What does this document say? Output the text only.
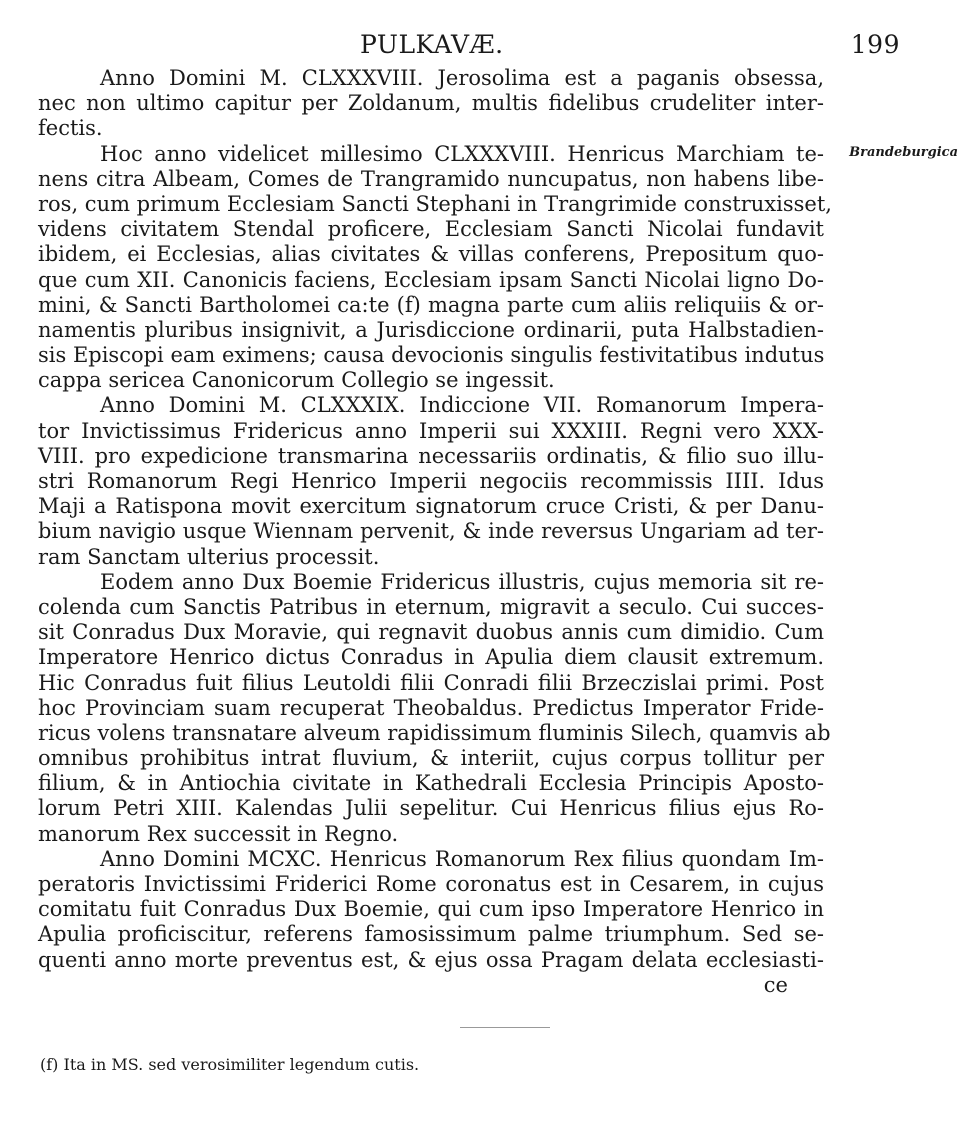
PULKAVÆ.	199
Brandeburgica
Anno Domini M. CLXXXVIII. Jerosolima est a paganis obsessa,
nec non ultimo capitur per Zoldanum, multis fidelibus crudeliter inter-
fectis.
Hoc anno videlicet millesimo CLXXXVIII. Henricus Marchiam te-
nens citra Albeam, Comes de Trangramido nuncupatus, non habens libe-
ros, cum primum Ecclesiam Sancti Stephani in Trangrimide construxisset,
videns civitatem Stendal proficere, Ecclesiam Sancti Nicolai fundavit
ibidem, ei Ecclesias, alias civitates & villas conferens, Prepositum quo-
que cum XII. Canonicis faciens, Ecclesiam ipsam Sancti Nicolai ligno Do-
mini, & Sancti Bartholomei ca:te (f) magna parte cum aliis reliquiis & or-
namentis pluribus insignivit, a Jurisdiccione ordinarii, puta Halbstadien-
sis Episcopi eam eximens; causa devocionis singulis festivitatibus indutus
cappa sericea Canonicorum Collegio se ingessit.
Anno Domini M. CLXXXIX. Indiccione VII. Romanorum Impera-
tor Invictissimus Fridericus anno Imperii sui XXXIII. Regni vero XXX-
VIII. pro expedicione transmarina necessariis ordinatis, & filio suo illu-
stri Romanorum Regi Henrico Imperii negociis recommissis IIII. Idus
Maji a Ratispona movit exercitum signatorum cruce Cristi, & per Danu-
bium navigio usque Wiennam pervenit, & inde reversus Ungariam ad ter-
ram Sanctam ulterius processit.
Eodem anno Dux Boemie Fridericus illustris, cujus memoria sit re-
colenda cum Sanctis Patribus in eternum, migravit a seculo. Cui succes-
sit Conradus Dux Moravie, qui regnavit duobus annis cum dimidio. Cum
Imperatore Henrico dictus Conradus in Apulia diem clausit extremum.
Hic Conradus fuit filius Leutoldi filii Conradi filii Brzeczislai primi. Post
hoc Provinciam suam recuperat Theobaldus. Predictus Imperator Fride-
ricus volens transnatare alveum rapidissimum fluminis Silech, quamvis ab
omnibus prohibitus intrat fluvium, & interiit, cujus corpus tollitur per
filium, & in Antiochia civitate in Kathedrali Ecclesia Principis Aposto-
lorum Petri XIII. Kalendas Julii sepelitur. Cui Henricus filius ejus Ro-
manorum Rex successit in Regno.
Anno Domini MCXC. Henricus Romanorum Rex filius quondam Im-
peratoris Invictissimi Friderici Rome coronatus est in Cesarem, in cujus
comitatu fuit Conradus Dux Boemie, qui cum ipso Imperatore Henrico in
Apulia proficiscitur, referens famosissimum palme triumphum. Sed se-
quenti anno morte preventus est, & ejus ossa Pragam delata ecclesiasti-
ce
(f) Ita in MS. sed verosimiliter legendum cutis.
